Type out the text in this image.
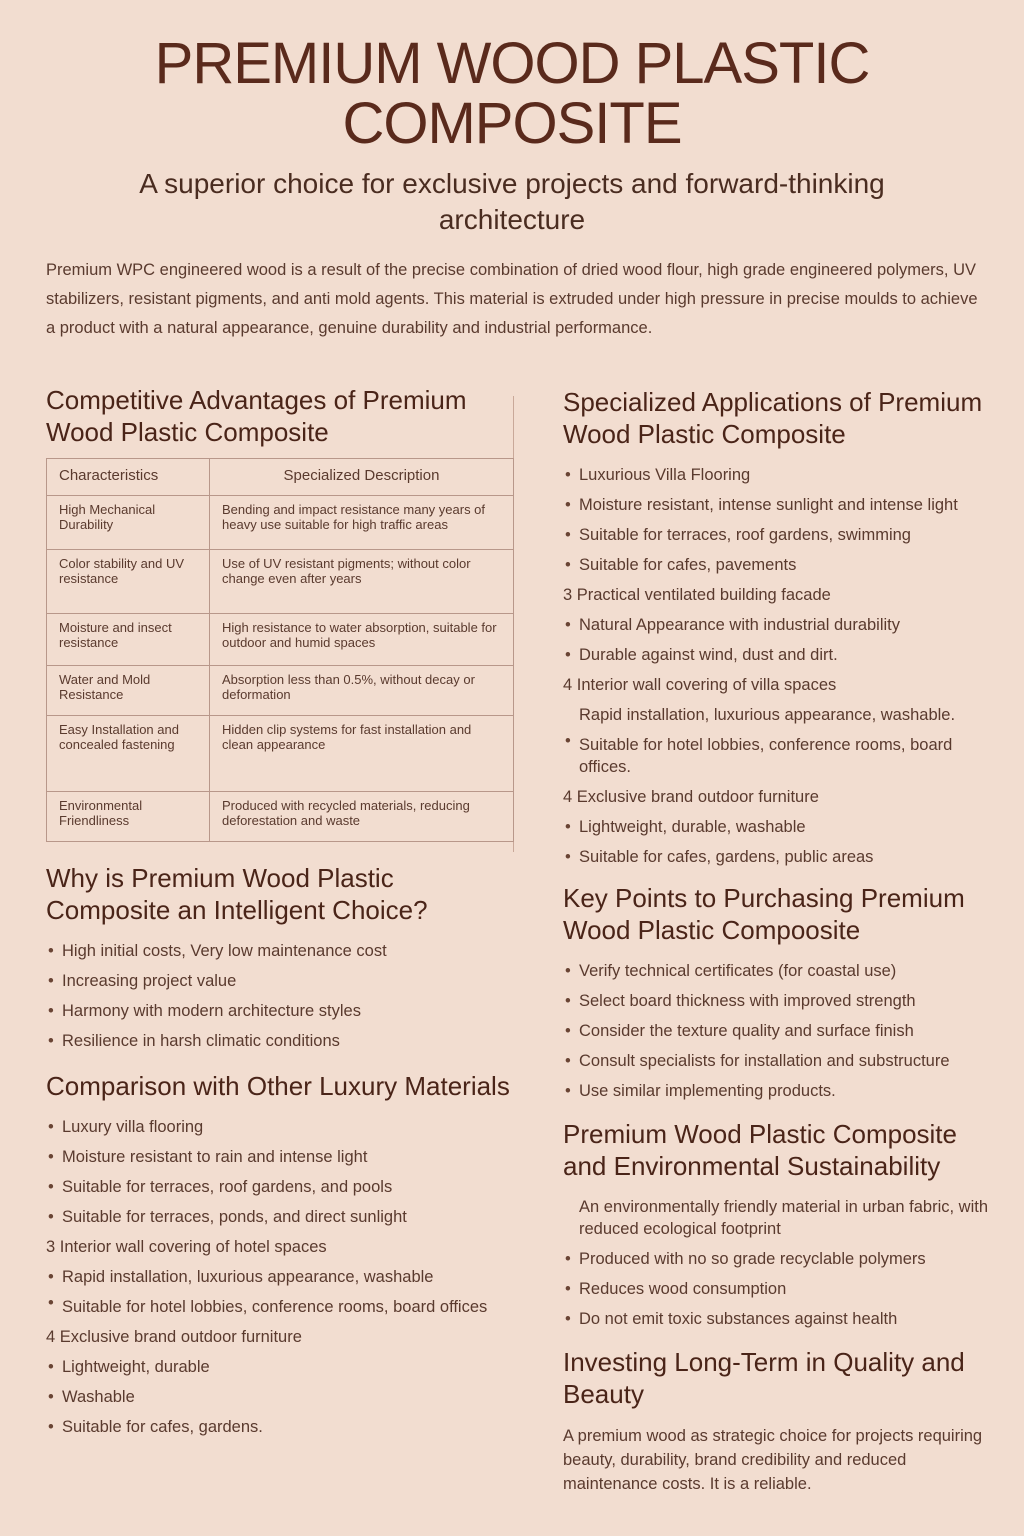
PREMIUM WOOD PLASTIC COMPOSITE

A superior choice for exclusive projects and forward-thinking architecture

Premium WPC engineered wood is a result of the precise combination of dried wood flour, high grade engineered polymers, UV stabilizers, resistant pigments, and anti mold agents. This material is extruded under high pressure in precise moulds to achieve a product with a natural appearance, genuine durability and industrial performance.

Competitive Advantages of Premium Wood Plastic Composite
Characteristics	Specialized Description
High Mechanical Durability	Bending and impact resistance many years of heavy use suitable for high traffic areas
Color stability and UV resistance	Use of UV resistant pigments; without color change even after years
Moisture and insect resistance	High resistance to water absorption, suitable for outdoor and humid spaces
Water and Mold Resistance	Absorption less than 0.5%, without decay or deformation
Easy Installation and concealed fastening	Hidden clip systems for fast installation and clean appearance
Environmental Friendliness	Produced with recycled materials, reducing deforestation and waste
Why is Premium Wood Plastic Composite an Intelligent Choice?
• High initial costs, Very low maintenance cost
• Increasing project value
• Harmony with modern architecture styles
• Resilience in harsh climatic conditions
Comparison with Other Luxury Materials
• Luxury villa flooring
• Moisture resistant to rain and intense light
• Suitable for terraces, roof gardens, and pools
• Suitable for terraces, ponds, and direct sunlight
3 Interior wall covering of hotel spaces
• Rapid installation, luxurious appearance, washable
• Suitable for hotel lobbies, conference rooms, board offices
4 Exclusive brand outdoor furniture
• Lightweight, durable
• Washable
• Suitable for cafes, gardens.
Specialized Applications of Premium Wood Plastic Composite
• Luxurious Villa Flooring
• Moisture resistant, intense sunlight and intense light
• Suitable for terraces, roof gardens, swimming
• Suitable for cafes, pavements
3 Practical ventilated building facade
• Natural Appearance with industrial durability
• Durable against wind, dust and dirt.
4 Interior wall covering of villa spaces
Rapid installation, luxurious appearance, washable.
• Suitable for hotel lobbies, conference rooms, board offices.
4 Exclusive brand outdoor furniture
• Lightweight, durable, washable
• Suitable for cafes, gardens, public areas
Key Points to Purchasing Premium Wood Plastic Compoosite
• Verify technical certificates (for coastal use)
• Select board thickness with improved strength
• Consider the texture quality and surface finish
• Consult specialists for installation and substructure
• Use similar implementing products.
Premium Wood Plastic Composite and Environmental Sustainability
An environmentally friendly material in urban fabric, with reduced ecological footprint
• Produced with no so grade recyclable polymers
• Reduces wood consumption
• Do not emit toxic substances against health
Investing Long-Term in Quality and Beauty

A premium wood as strategic choice for projects requiring beauty, durability, brand credibility and reduced maintenance costs. It is a reliable.
